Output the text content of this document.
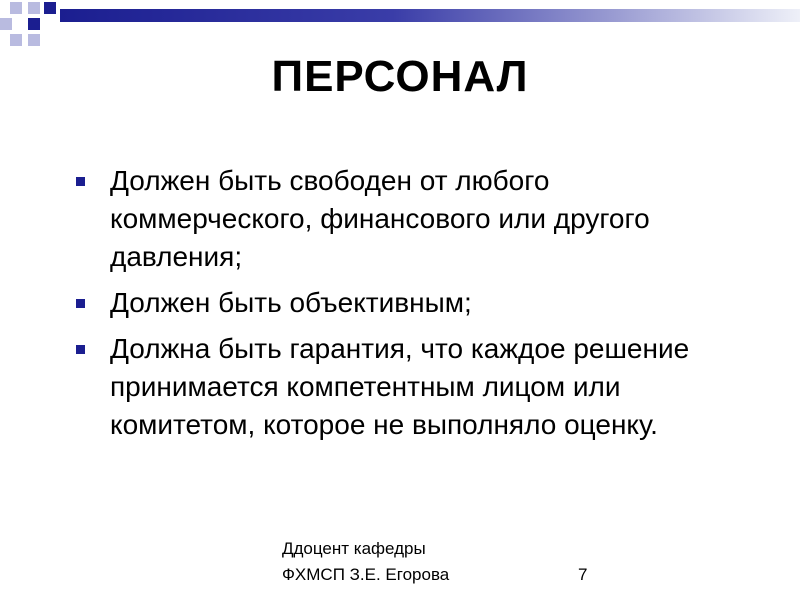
ПЕРСОНАЛ
Должен быть свободен от любого коммерческого, финансового или другого давления;
Должен быть объективным;
Должна быть гарантия, что каждое решение принимается компетентным лицом или комитетом, которое не выполняло оценку.
Ддоцент кафедры
ФХМСП З.Е. Егорова	7
